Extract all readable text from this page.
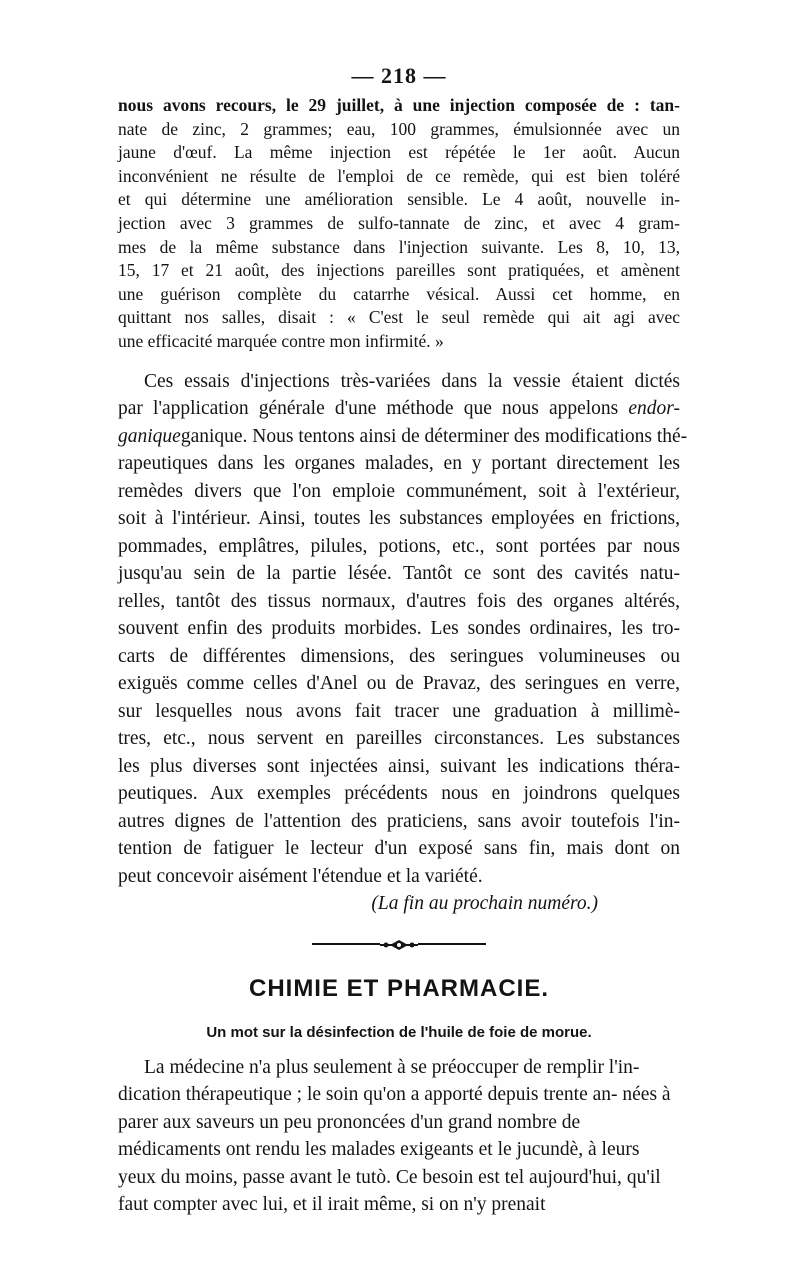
— 218 —
nous avons recours, le 29 juillet, à une injection composée de : tan-
nate de zinc, 2 grammes; eau, 100 grammes, émulsionnée avec un
jaune d'œuf. La même injection est répétée le 1er août. Aucun
inconvénient ne résulte de l'emploi de ce remède, qui est bien toléré
et qui détermine une amélioration sensible. Le 4 août, nouvelle in-
jection avec 3 grammes de sulfo-tannate de zinc, et avec 4 gram-
mes de la même substance dans l'injection suivante. Les 8, 10, 13,
15, 17 et 21 août, des injections pareilles sont pratiquées, et amènent
une guérison complète du catarrhe vésical. Aussi cet homme, en
quittant nos salles, disait : « C'est le seul remède qui ait agi avec
une efficacité marquée contre mon infirmité. »
Ces essais d'injections très-variées dans la vessie étaient dictés
par l'application générale d'une méthode que nous appelons endor-
ganiqueganique. Nous tentons ainsi de déterminer des modifications thé-
rapeutiques dans les organes malades, en y portant directement les
remèdes divers que l'on emploie communément, soit à l'extérieur,
soit à l'intérieur. Ainsi, toutes les substances employées en frictions,
pommades, emplâtres, pilules, potions, etc., sont portées par nous
jusqu'au sein de la partie lésée. Tantôt ce sont des cavités natu-
relles, tantôt des tissus normaux, d'autres fois des organes altérés,
souvent enfin des produits morbides. Les sondes ordinaires, les tro-
carts de différentes dimensions, des seringues volumineuses ou
exiguës comme celles d'Anel ou de Pravaz, des seringues en verre,
sur lesquelles nous avons fait tracer une graduation à millimè-
tres, etc., nous servent en pareilles circonstances. Les substances
les plus diverses sont injectées ainsi, suivant les indications théra-
peutiques. Aux exemples précédents nous en joindrons quelques
autres dignes de l'attention des praticiens, sans avoir toutefois l'in-
tention de fatiguer le lecteur d'un exposé sans fin, mais dont on
peut concevoir aisément l'étendue et la variété.
(La fin au prochain numéro.)
CHIMIE ET PHARMACIE.
Un mot sur la désinfection de l'huile de foie de morue.
La médecine n'a plus seulement à se préoccuper de remplir l'in- dication thérapeutique ; le soin qu'on a apporté depuis trente an- nées à parer aux saveurs un peu prononcées d'un grand nombre de médicaments ont rendu les malades exigeants et le jucundè, à leurs yeux du moins, passe avant le tutò. Ce besoin est tel aujourd'hui, qu'il faut compter avec lui, et il irait même, si on n'y prenait
